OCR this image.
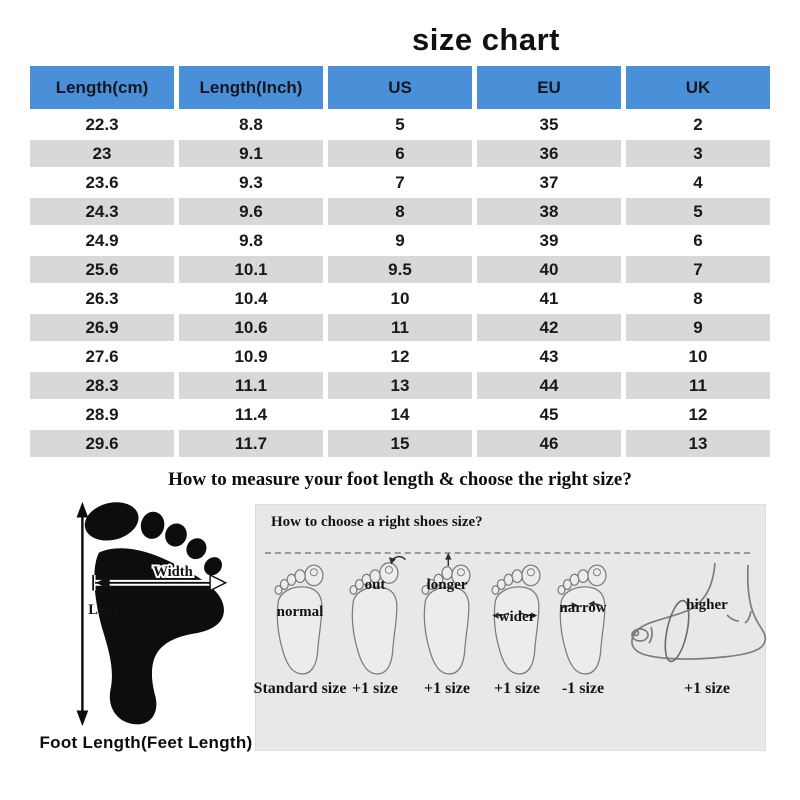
size chart
Length(cm)	Length(Inch)	US	EU	UK
22.3	8.8	5	35	2
23	9.1	6	36	3
23.6	9.3	7	37	4
24.3	9.6	8	38	5
24.9	9.8	9	39	6
25.6	10.1	9.5	40	7
26.3	10.4	10	41	8
26.9	10.6	11	42	9
27.6	10.9	12	43	10
28.3	11.1	13	44	11
28.9	11.4	14	45	12
29.6	11.7	15	46	13
How to measure your foot length & choose the right size?
Length
Width
Foot Length(Feet Length)
How to choose a right shoes size?
normal
Standard size
out
+1 size
longer
+1 size
wider
+1 size
narrow
-1 size
higher
+1 size
